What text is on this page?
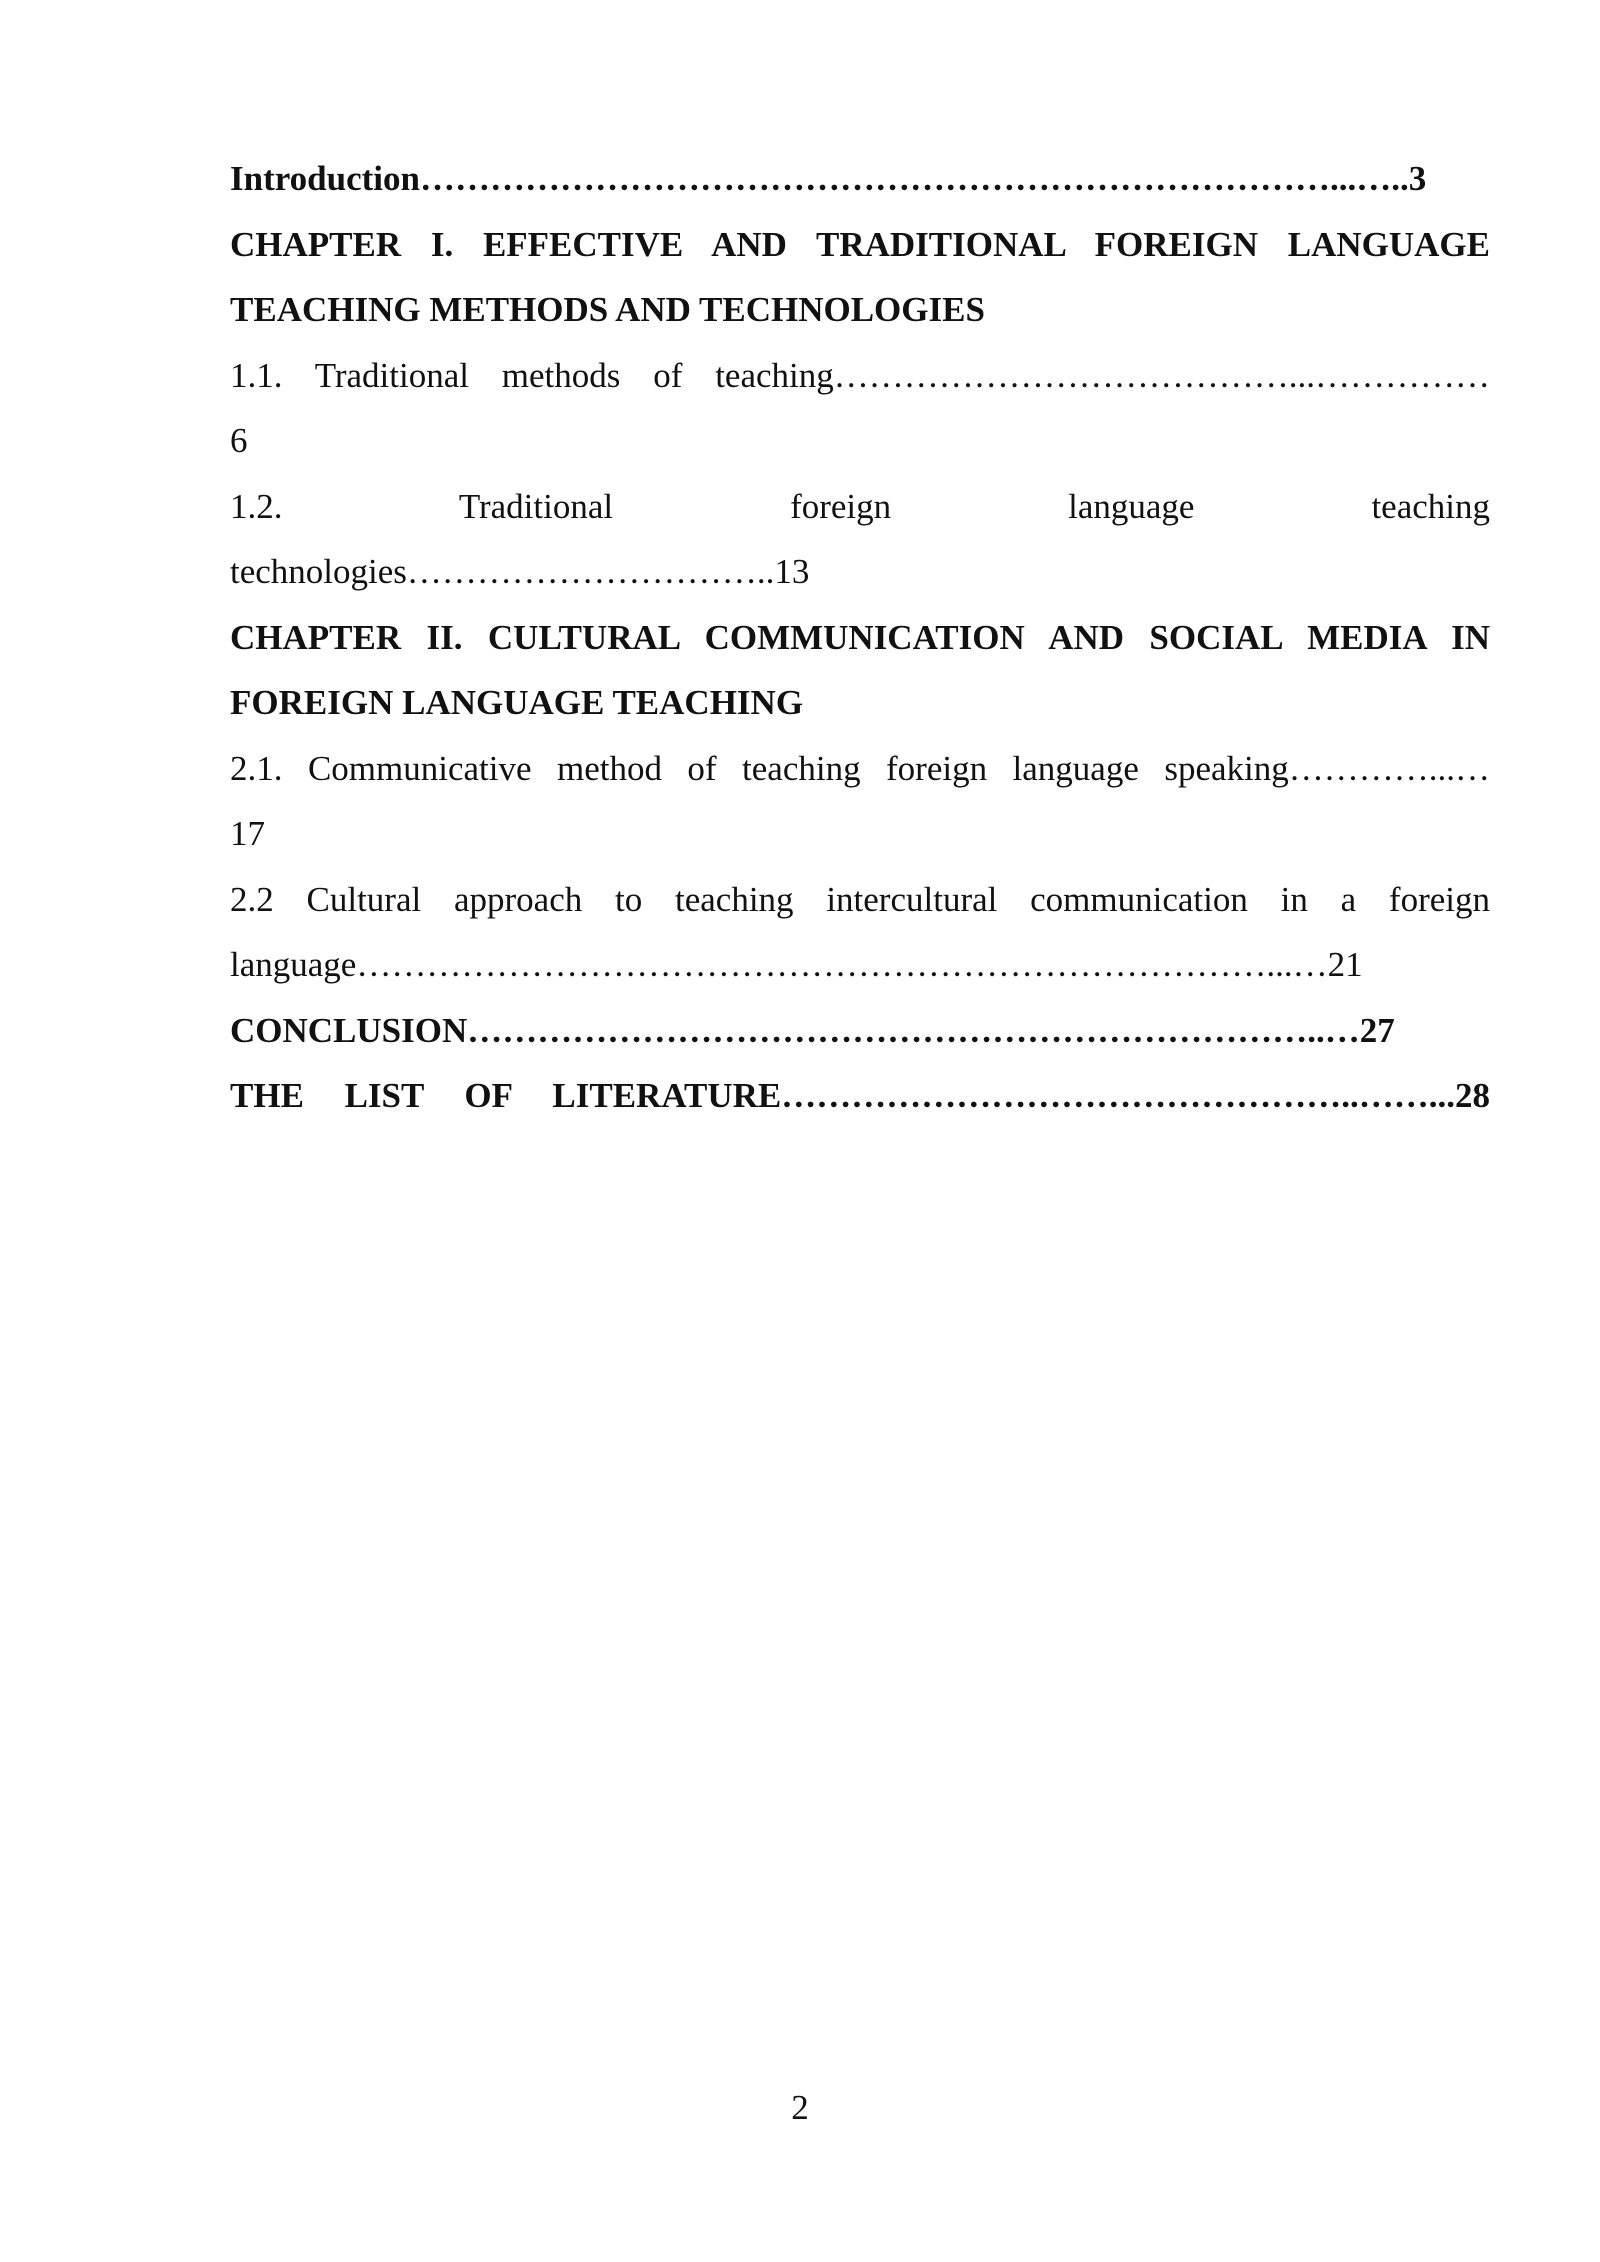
Introduction……………………………………………………………………...…..3
CHAPTER I. EFFECTIVE AND TRADITIONAL FOREIGN LANGUAGE
TEACHING METHODS AND TECHNOLOGIES
1.1. Traditional methods of teaching…………………………………...……………
6
1.2. Traditional foreign language teaching
technologies…………………………..13
CHAPTER II. CULTURAL COMMUNICATION AND SOCIAL MEDIA IN
FOREIGN LANGUAGE TEACHING
2.1. Communicative method of teaching foreign language speaking…………...…
17
2.2 Cultural approach to teaching intercultural communication in a foreign
language……………………………………………………………………...…21
CONCLUSION………………………………………………………………..…27
THE LIST OF LITERATURE…………………………………………..……...28
2
